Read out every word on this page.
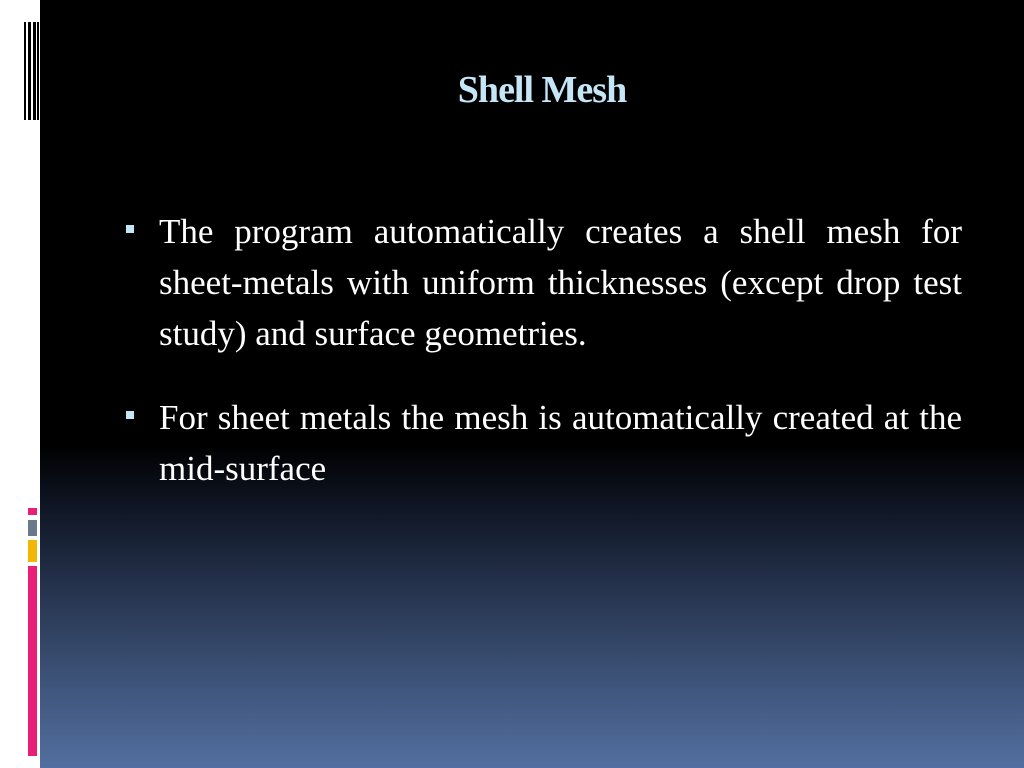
Shell Mesh
The program automatically creates a shell mesh for sheet-metals with uniform thicknesses (except drop test study) and surface geometries.
For sheet metals the mesh is automatically created at the mid-surface
